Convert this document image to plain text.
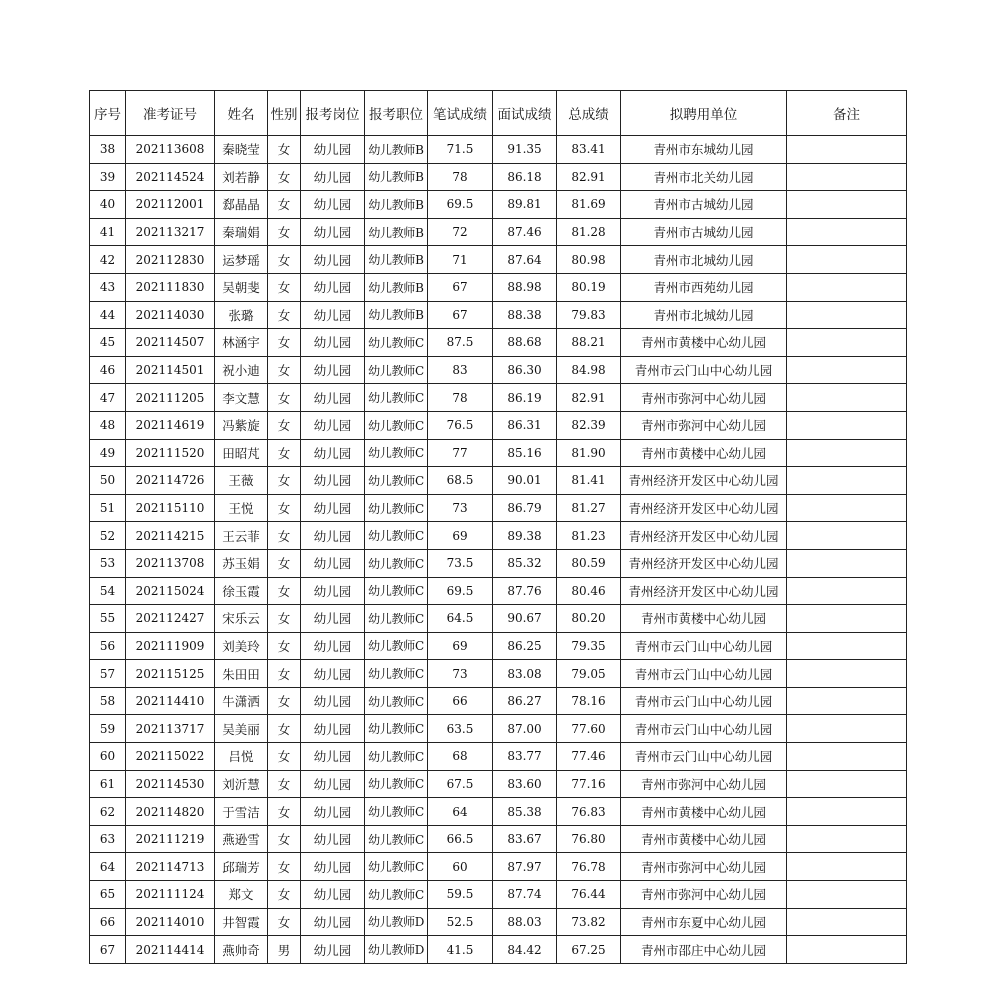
序号	准考证号	姓名	性别	报考岗位	报考职位	笔试成绩	面试成绩	总成绩	拟聘用单位	备注
38	202113608	秦晓莹	女	幼儿园	幼儿教师B	71.5	91.35	83.41	青州市东城幼儿园	
39	202114524	刘若静	女	幼儿园	幼儿教师B	78	86.18	82.91	青州市北关幼儿园	
40	202112001	郄晶晶	女	幼儿园	幼儿教师B	69.5	89.81	81.69	青州市古城幼儿园	
41	202113217	秦瑞娟	女	幼儿园	幼儿教师B	72	87.46	81.28	青州市古城幼儿园	
42	202112830	运梦瑶	女	幼儿园	幼儿教师B	71	87.64	80.98	青州市北城幼儿园	
43	202111830	吴朝斐	女	幼儿园	幼儿教师B	67	88.98	80.19	青州市西苑幼儿园	
44	202114030	张璐	女	幼儿园	幼儿教师B	67	88.38	79.83	青州市北城幼儿园	
45	202114507	林涵宇	女	幼儿园	幼儿教师C	87.5	88.68	88.21	青州市黄楼中心幼儿园	
46	202114501	祝小迪	女	幼儿园	幼儿教师C	83	86.30	84.98	青州市云门山中心幼儿园	
47	202111205	李文慧	女	幼儿园	幼儿教师C	78	86.19	82.91	青州市弥河中心幼儿园	
48	202114619	冯紫旋	女	幼儿园	幼儿教师C	76.5	86.31	82.39	青州市弥河中心幼儿园	
49	202111520	田昭芃	女	幼儿园	幼儿教师C	77	85.16	81.90	青州市黄楼中心幼儿园	
50	202114726	王薇	女	幼儿园	幼儿教师C	68.5	90.01	81.41	青州经济开发区中心幼儿园	
51	202115110	王悦	女	幼儿园	幼儿教师C	73	86.79	81.27	青州经济开发区中心幼儿园	
52	202114215	王云菲	女	幼儿园	幼儿教师C	69	89.38	81.23	青州经济开发区中心幼儿园	
53	202113708	苏玉娟	女	幼儿园	幼儿教师C	73.5	85.32	80.59	青州经济开发区中心幼儿园	
54	202115024	徐玉霞	女	幼儿园	幼儿教师C	69.5	87.76	80.46	青州经济开发区中心幼儿园	
55	202112427	宋乐云	女	幼儿园	幼儿教师C	64.5	90.67	80.20	青州市黄楼中心幼儿园	
56	202111909	刘美玲	女	幼儿园	幼儿教师C	69	86.25	79.35	青州市云门山中心幼儿园	
57	202115125	朱田田	女	幼儿园	幼儿教师C	73	83.08	79.05	青州市云门山中心幼儿园	
58	202114410	牛潇洒	女	幼儿园	幼儿教师C	66	86.27	78.16	青州市云门山中心幼儿园	
59	202113717	吴美丽	女	幼儿园	幼儿教师C	63.5	87.00	77.60	青州市云门山中心幼儿园	
60	202115022	吕悦	女	幼儿园	幼儿教师C	68	83.77	77.46	青州市云门山中心幼儿园	
61	202114530	刘沂慧	女	幼儿园	幼儿教师C	67.5	83.60	77.16	青州市弥河中心幼儿园	
62	202114820	于雪洁	女	幼儿园	幼儿教师C	64	85.38	76.83	青州市黄楼中心幼儿园	
63	202111219	燕逊雪	女	幼儿园	幼儿教师C	66.5	83.67	76.80	青州市黄楼中心幼儿园	
64	202114713	邱瑞芳	女	幼儿园	幼儿教师C	60	87.97	76.78	青州市弥河中心幼儿园	
65	202111124	郑文	女	幼儿园	幼儿教师C	59.5	87.74	76.44	青州市弥河中心幼儿园	
66	202114010	井智霞	女	幼儿园	幼儿教师D	52.5	88.03	73.82	青州市东夏中心幼儿园	
67	202114414	燕帅奇	男	幼儿园	幼儿教师D	41.5	84.42	67.25	青州市邵庄中心幼儿园	
